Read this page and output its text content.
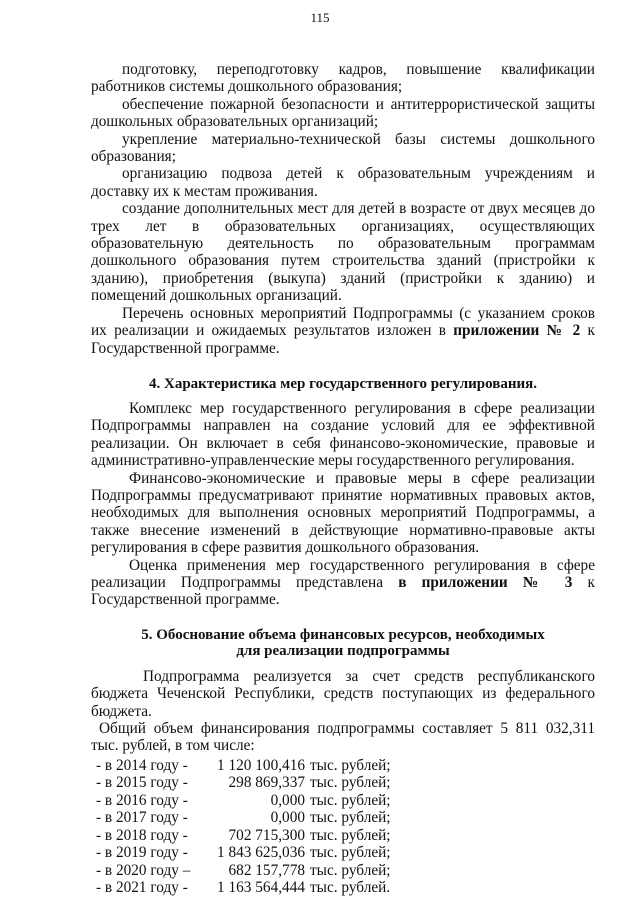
115

подготовку, переподготовку кадров, повышение квалификации работников системы дошкольного образования;

обеспечение пожарной безопасности и антитеррористической защиты дошкольных образовательных организаций;

укрепление материально-технической базы системы дошкольного образования;

организацию подвоза детей к образовательным учреждениям и доставку их к местам проживания.

создание дополнительных мест для детей в возрасте от двух месяцев до трех лет в образовательных организациях, осуществляющих образовательную деятельность по образовательным программам дошкольного образования путем строительства зданий (пристройки к зданию), приобретения (выкупа) зданий (пристройки к зданию) и помещений дошкольных организаций.

Перечень основных мероприятий Подпрограммы (с указанием сроков их реализации и ожидаемых результатов изложен в приложении № 2 к Государственной программе.

4. Характеристика мер государственного регулирования.

Комплекс мер государственного регулирования в сфере реализации Подпрограммы направлен на создание условий для ее эффективной реализации. Он включает в себя финансово-экономические, правовые и административно-управленческие меры государственного регулирования.

Финансово-экономические и правовые меры в сфере реализации Подпрограммы предусматривают принятие нормативных правовых актов, необходимых для выполнения основных мероприятий Подпрограммы, а также внесение изменений в действующие нормативно-правовые акты регулирования в сфере развития дошкольного образования.

Оценка применения мер государственного регулирования в сфере реализации Подпрограммы представлена в приложении № 3 к Государственной программе.

5. Обоснование объема финансовых ресурсов, необходимых

для реализации подпрограммы

Подпрограмма реализуется за счет средств республиканского бюджета Чеченской Республики, средств поступающих из федерального бюджета.

Общий объем финансирования подпрограммы составляет 5 811 032,311 тыс. рублей, в том числе:

- в 2014 году -	1 120 100,416 тыс. рублей;
- в 2015 году -	298 869,337 тыс. рублей;
- в 2016 году -	0,000 тыс. рублей;
- в 2017 году -	0,000 тыс. рублей;
- в 2018 году -	702 715,300 тыс. рублей;
- в 2019 году -	1 843 625,036 тыс. рублей;
- в 2020 году –	682 157,778 тыс. рублей;
- в 2021 году -	1 163 564,444 тыс. рублей.
